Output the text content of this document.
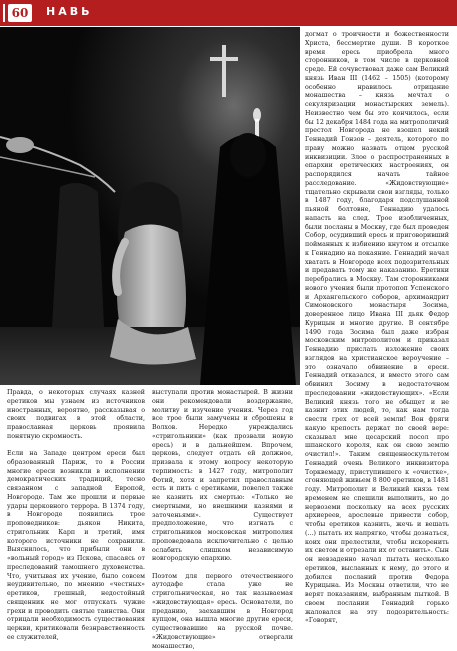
60	НАВЬ

Правда, о некоторых случаях казней еретиков мы узнаем из источников иностранных, вероятно, рассказывая о своих подвигах в этой области, православная церковь проявила понятную скромность.

Если на Западе центром ереси был образованный Париж, то в России многие ереси возникли в исполнении демократических традиций, тесно связанном с западной Европой, Новгороде. Там же прошли и первые удары церковного террора. В 1374 году, в Новгороде появились трое проповедников: дьякон Никита, стригольник Карп и третий, имя которого источники не сохранили. Выяснилось, что прибыли они в «вольный город» из Пскова, спасаясь от преследований тамошнего духовенства. Что, учитывая их учение, было совсем неудивительно, по мнению «честных» еретиков, грешный, недостойный священник не мог отпускать чужие грехи и проводить святые таинства. Они отрицали необходимость существования церкви, критиковали безнравственность ее служителей,

выступали против монастырей. В жизни они рекомендовали воздержание, молитву и изучение учения. Через год все трое были замучены и сброшены в Волхов. Нередко унреждались «стригольники» (как прозвали новую ересь) и в дальнейшем. Впрочем, церковь, следует отдать ей должное, призвала к этому вопросу некоторую терпимость: в 1427 году, митрополит Фотий, хотя и запретил православным есть и пить с еретиками, повелел также не казнить их смертью: «Только не смертными, но внешними казнями и заточеньями». Существует предположение, что изгнать с стригольников московская митрополия проповедовала исключительно с целью ослабить слишком независимую новгородскую епархию.

Поэтом для первого отечественного аутодафе стала уже не стригольническая, но так называемая «жидовствующая» ересь. Основатели, по преданию, заехавшим в Новгород купцом, она вышла многие другие ереси, существовавшие на русской почве. «Жидовствующие» отвергали монашество,

догмат о троичности и божественности Христа, бессмертие души. В короткое время ересь приобрела много сторонников, в том числе в церковной среде. Ей сочувствовал даже сам Великий князь Иван III (1462 – 1505) (которому особенно нравилось отрицание монашества – князь мечтал о секуляризации монастырских земель). Неизвестно чем бы это кончилось, если бы 12 декабря 1484 года на митрополичий престол Новгорода не взошел некий Геннадий Гонзов – деятель, которого по праву можно назвать отцом русской инквизиции. Злое о распространенных в епархии еретических настроениях, он распорядился начать тайное расследование. «Жидовствующие» тщательно скрывали свои взгляды, только в 1487 году, благодаря подслушанной пьяной болтовне, Геннадию удалось напасть на след. Трое изобличенных, были посланы в Москву, где был проведен Собор, осудивший ересь и приговоривший пойманных к избиению кнутом и отсылке к Геннадию на покаяние. Геннадий начал хватать в Новгороде всех подозрительных и предавать тому же наказанию. Еретики перебрались в Москву. Там сторонниками нового учения были протопоп Успенского и Архангельского соборов, архимандрит Симоновского монастыря Зосима, доверенное лицо Ивана III дьяк Федор Курицын и многие другие. В сентябре 1490 года Зосима был даже избран московским митрополитом и приказал Геннадию прислать изложение своих взглядов на христианское вероучение – это означало обвинение в ереси. Геннадий отказался, и вместо этого сам обвинил Зосиму в недостаточном преследовании «жидовствующих». «Если Великий князь того не обыщет и не казнит этих людей, то, как нам тогда свести грех от всей земли! Вон фряги какую крепость держат по своей вере: сказывал мне цесарский посол про шпанского короля, как он свою землю очистил!». Таким священноскультетом Геннадий очень Великого инквизитора Торквемаду, приступившего к «очистке», сгоняющей живьем 8 800 еретиков, в 1481 году. Митрополит и Великий князь тем временем не спешили выполнить, но до нервоземи поскольку на всех русских архиереев, арослевые привести собор, чтобы еретиков казнить, жечь и вешать (...) пытать их напрягко, чтобы дознаться, коих они прелестили, чтобы искоренить их светом и отрезали их от оставить». Сын он невзаденно начал пытать несколько еретиков, высланных к нему, до этого и добился посланий против Федора Курицына. Из Москвы ответили, что не верят показаниям, выбранным пыткой. В своем послании Геннадий горько жаловался на эту подозрительность: «Говорят,
